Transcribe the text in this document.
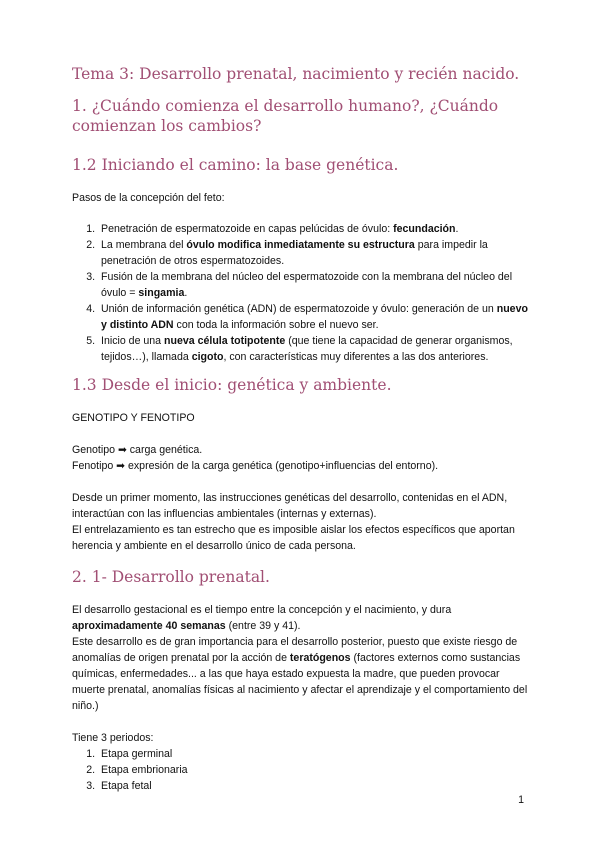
Tema 3: Desarrollo prenatal, nacimiento y recién nacido.
1. ¿Cuándo comienza el desarrollo humano?, ¿Cuándo comienzan los cambios?
1.2 Iniciando el camino: la base genética.

Pasos de la concepción del feto:

1. Penetración de espermatozoide en capas pelúcidas de óvulo: fecundación.
2. La membrana del óvulo modifica inmediatamente su estructura para impedir la penetración de otros espermatozoides.
3. Fusión de la membrana del núcleo del espermatozoide con la membrana del núcleo del óvulo = singamia.
4. Unión de información genética (ADN) de espermatozoide y óvulo: generación de un nuevo y distinto ADN con toda la información sobre el nuevo ser.
5. Inicio de una nueva célula totipotente (que tiene la capacidad de generar organismos, tejidos…), llamada cigoto, con características muy diferentes a las dos anteriores.
1.3 Desde el inicio: genética y ambiente.

GENOTIPO Y FENOTIPO

Genotipo ➡ carga genética.

Fenotipo ➡ expresión de la carga genética (genotipo+influencias del entorno).

Desde un primer momento, las instrucciones genéticas del desarrollo, contenidas en el ADN, interactúan con las influencias ambientales (internas y externas).

El entrelazamiento es tan estrecho que es imposible aislar los efectos específicos que aportan herencia y ambiente en el desarrollo único de cada persona.

2. 1- Desarrollo prenatal.

El desarrollo gestacional es el tiempo entre la concepción y el nacimiento, y dura aproximadamente 40 semanas (entre 39 y 41).

Este desarrollo es de gran importancia para el desarrollo posterior, puesto que existe riesgo de anomalías de origen prenatal por la acción de teratógenos (factores externos como sustancias químicas, enfermedades... a las que haya estado expuesta la madre, que pueden provocar muerte prenatal, anomalías físicas al nacimiento y afectar el aprendizaje y el comportamiento del niño.)

Tiene 3 periodos:

1. Etapa germinal
2. Etapa embrionaria
3. Etapa fetal
1
